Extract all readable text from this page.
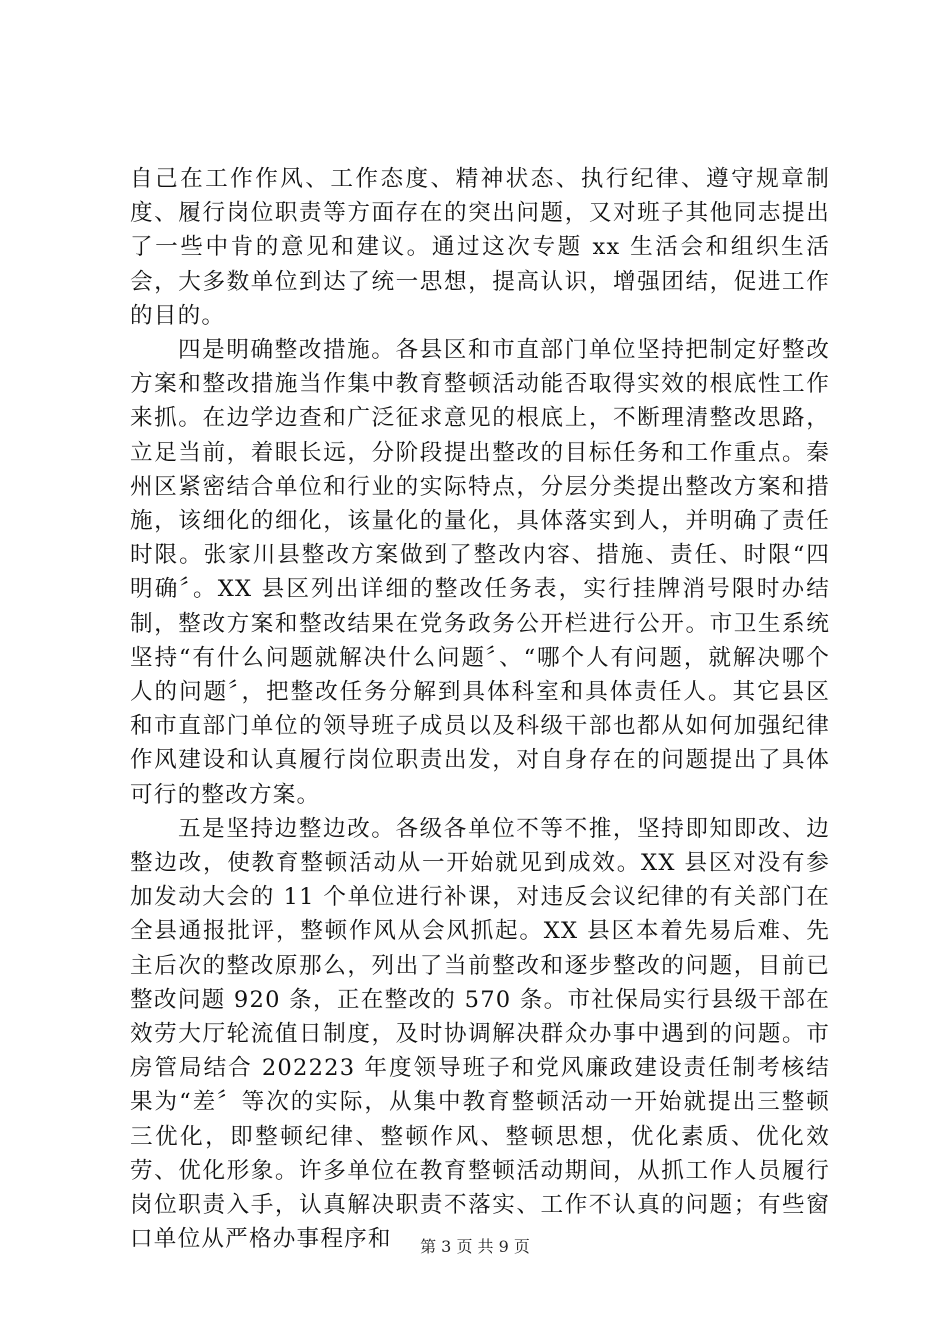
自己在工作作风、工作态度、精神状态、执行纪律、遵守规章制度、履行岗位职责等方面存在的突出问题，又对班子其他同志提出了一些中肯的意见和建议。通过这次专题 xx 生活会和组织生活会，大多数单位到达了统一思想，提高认识，增强团结，促进工作的目的。

四是明确整改措施。各县区和市直部门单位坚持把制定好整改方案和整改措施当作集中教育整顿活动能否取得实效的根底性工作来抓。在边学边查和广泛征求意见的根底上，不断理清整改思路，立足当前，着眼长远，分阶段提出整改的目标任务和工作重点。秦州区紧密结合单位和行业的实际特点，分层分类提出整改方案和措施，该细化的细化，该量化的量化，具体落实到人，并明确了责任时限。张家川县整改方案做到了整改内容、措施、责任、时限“四明确〞。XX 县区列出详细的整改任务表，实行挂牌消号限时办结制，整改方案和整改结果在党务政务公开栏进行公开。市卫生系统坚持“有什么问题就解决什么问题〞、“哪个人有问题，就解决哪个人的问题〞，把整改任务分解到具体科室和具体责任人。其它县区和市直部门单位的领导班子成员以及科级干部也都从如何加强纪律作风建设和认真履行岗位职责出发，对自身存在的问题提出了具体可行的整改方案。

五是坚持边整边改。各级各单位不等不推，坚持即知即改、边整边改，使教育整顿活动从一开始就见到成效。XX 县区对没有参加发动大会的 11 个单位进行补课，对违反会议纪律的有关部门在全县通报批评，整顿作风从会风抓起。XX 县区本着先易后难、先主后次的整改原那么，列出了当前整改和逐步整改的问题，目前已整改问题 920 条，正在整改的 570 条。市社保局实行县级干部在效劳大厅轮流值日制度，及时协调解决群众办事中遇到的问题。市房管局结合 202223 年度领导班子和党风廉政建设责任制考核结果为“差〞等次的实际，从集中教育整顿活动一开始就提出三整顿三优化，即整顿纪律、整顿作风、整顿思想，优化素质、优化效劳、优化形象。许多单位在教育整顿活动期间，从抓工作人员履行岗位职责入手，认真解决职责不落实、工作不认真的问题；有些窗口单位从严格办事程序和	第 3 页 共 9 页
